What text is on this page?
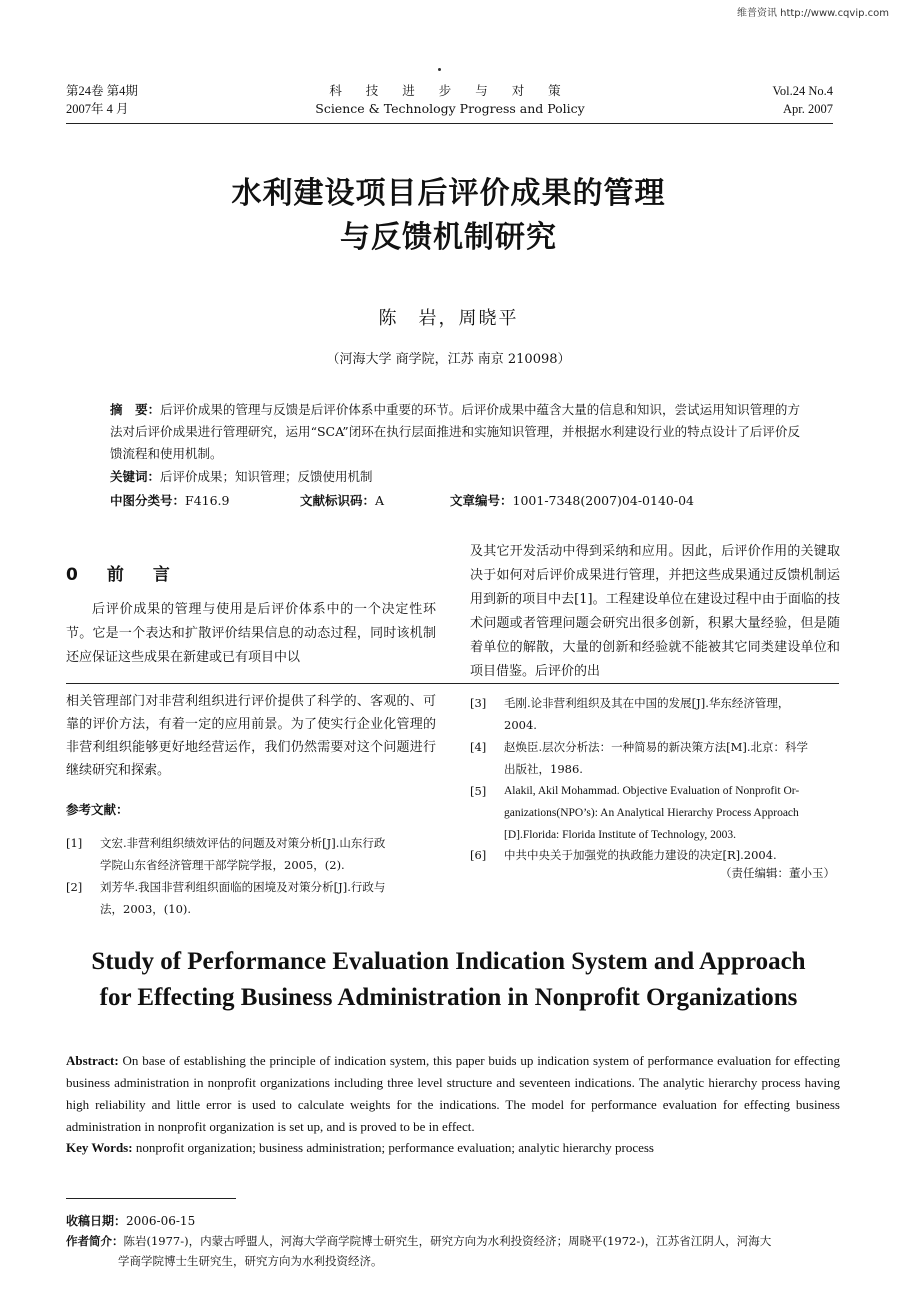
维普资讯 http://www.cqvip.com
第24卷 第4期
2007年 4 月
科 技 进 步 与 对 策
Science & Technology Progress and Policy
Vol.24 No.4
Apr. 2007
水利建设项目后评价成果的管理
与反馈机制研究
陈　岩，周晓平
（河海大学 商学院，江苏 南京 210098）
摘　要：后评价成果的管理与反馈是后评价体系中重要的环节。后评价成果中蕴含大量的信息和知识，尝试运用知识管理的方法对后评价成果进行管理研究，运用“SCA”闭环在执行层面推进和实施知识管理，并根据水利建设行业的特点设计了后评价反馈流程和使用机制。
关键词：后评价成果；知识管理；反馈使用机制
中图分类号：F416.9	文献标识码：A	文章编号：1001-7348(2007)04-0140-04
0　前　言
后评价成果的管理与使用是后评价体系中的一个决定性环节。它是一个表达和扩散评价结果信息的动态过程，同时该机制还应保证这些成果在新建或已有项目中以
及其它开发活动中得到采纳和应用。因此，后评价作用的关键取决于如何对后评价成果进行管理，并把这些成果通过反馈机制运用到新的项目中去[1]。工程建设单位在建设过程中由于面临的技术问题或者管理问题会研究出很多创新，积累大量经验，但是随着单位的解散，大量的创新和经验就不能被其它同类建设单位和项目借鉴。后评价的出
相关管理部门对非营利组织进行评价提供了科学的、客观的、可靠的评价方法，有着一定的应用前景。为了使实行企业化管理的非营利组织能够更好地经营运作，我们仍然需要对这个问题进行继续研究和探索。
参考文献：
[1] 文宏.非营利组织绩效评估的问题及对策分析[J].山东行政
学院山东省经济管理干部学院学报，2005，(2).
[2] 刘芳华.我国非营利组织面临的困境及对策分析[J].行政与
法，2003，(10).
[3] 毛刚.论非营利组织及其在中国的发展[J].华东经济管理，
2004.
[4] 赵焕臣.层次分析法：一种简易的新决策方法[M].北京：科学
出版社，1986.
[5] Alakil, Akil Mohammad. Objective Evaluation of Nonprofit Or-
ganizations(NPO’s): An Analytical Hierarchy Process Approach
[D].Florida: Florida Institute of Technology, 2003.
[6] 中共中央关于加强党的执政能力建设的决定[R].2004.
（责任编辑：董小玉）
Study of Performance Evaluation Indication System and Approach
for Effecting Business Administration in Nonprofit Organizations
Abstract: On base of establishing the principle of indication system, this paper buids up indication system of performance evaluation for effecting business administration in nonprofit organizations including three level structure and seventeen indications. The analytic hierarchy process having high reliability and little error is used to calculate weights for the indications. The model for performance evaluation for effecting business administration in nonprofit organization is set up, and is proved to be in effect.
Key Words: nonprofit organization; business administration; performance evaluation; analytic hierarchy process
收稿日期：2006-06-15
作者简介：陈岩(1977-)，内蒙古呼盟人，河海大学商学院博士研究生，研究方向为水利投资经济；周晓平(1972-)，江苏省江阴人，河海大
学商学院博士生研究生，研究方向为水利投资经济。
